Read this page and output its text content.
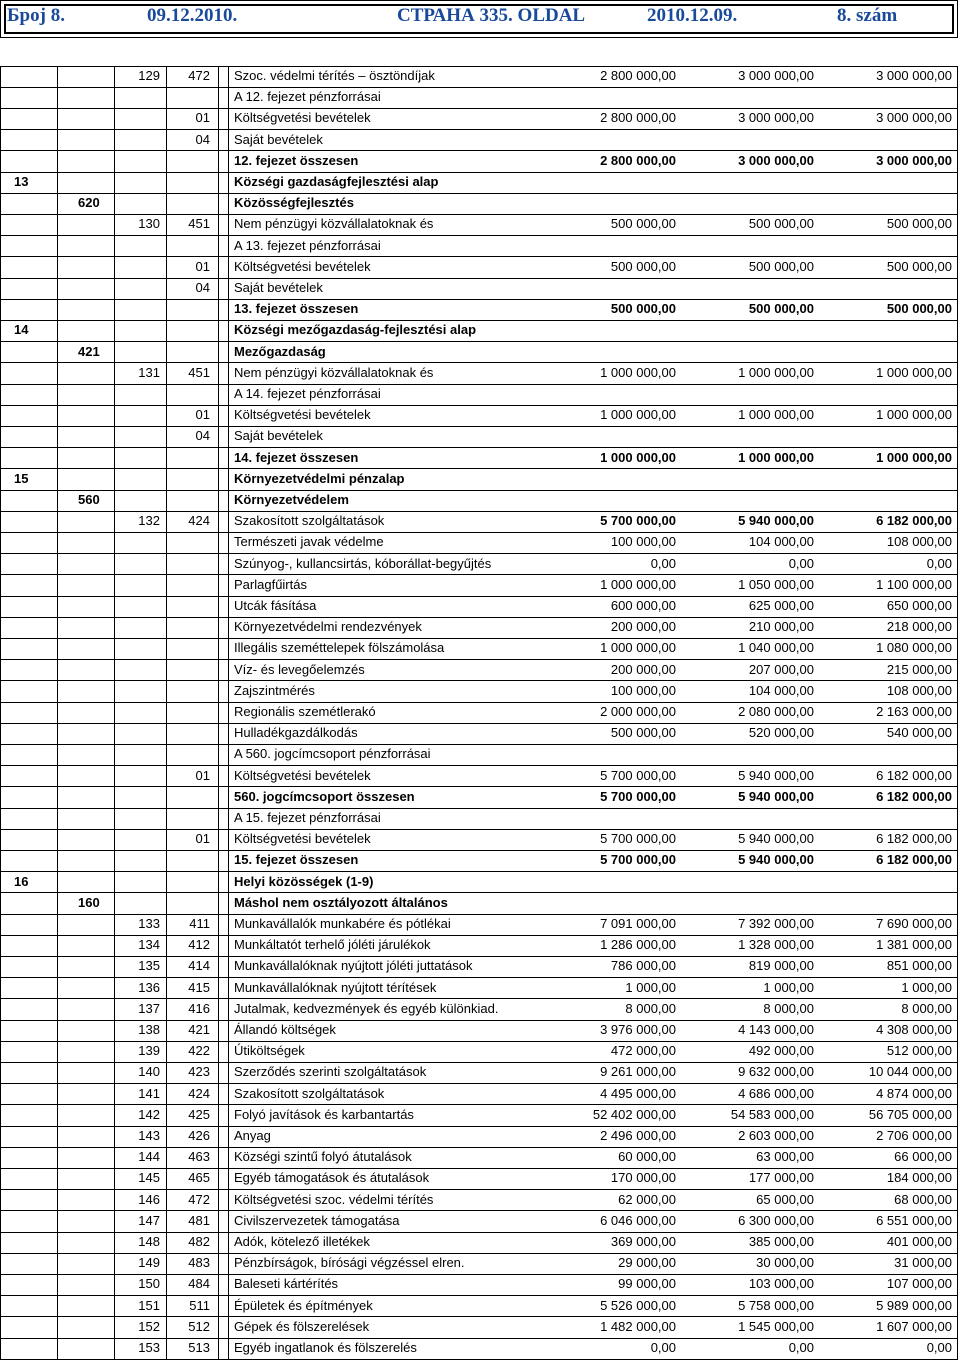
Број 8.	09.12.2010.	СТРАНА 335. OLDAL	2010.12.09.	8. szám
129	472 Szoc. védelmi térítés – ösztöndíjak	2 800 000,00	3 000 000,00	3 000 000,00
A 12. fejezet pénzforrásai
01 Költségvetési bevételek	2 800 000,00	3 000 000,00	3 000 000,00
04 Saját bevételek
12. fejezet összesen	2 800 000,00	3 000 000,00	3 000 000,00
13	Községi gazdaságfejlesztési alap
620	Közösségfejlesztés
130	451 Nem pénzügyi közvállalatoknak és	500 000,00	500 000,00	500 000,00
A 13. fejezet pénzforrásai
01 Költségvetési bevételek	500 000,00	500 000,00	500 000,00
04 Saját bevételek
13. fejezet összesen	500 000,00	500 000,00	500 000,00
14	Községi mezőgazdaság-fejlesztési alap
421	Mezőgazdaság
131	451 Nem pénzügyi közvállalatoknak és	1 000 000,00	1 000 000,00	1 000 000,00
A 14. fejezet pénzforrásai
01 Költségvetési bevételek	1 000 000,00	1 000 000,00	1 000 000,00
04 Saját bevételek
14. fejezet összesen	1 000 000,00	1 000 000,00	1 000 000,00
15	Környezetvédelmi pénzalap
560	Környezetvédelem
132	424 Szakosított szolgáltatások	5 700 000,00	5 940 000,00	6 182 000,00
Természeti javak védelme	100 000,00	104 000,00	108 000,00
Szúnyog-, kullancsirtás, kóborállat-begyűjtés	0,00	0,00	0,00
Parlagfűirtás	1 000 000,00	1 050 000,00	1 100 000,00
Utcák fásítása	600 000,00	625 000,00	650 000,00
Környezetvédelmi rendezvények	200 000,00	210 000,00	218 000,00
Illegális szeméttelepek fölszámolása	1 000 000,00	1 040 000,00	1 080 000,00
Víz- és levegőelemzés	200 000,00	207 000,00	215 000,00
Zajszintmérés	100 000,00	104 000,00	108 000,00
Regionális szemétlerakó	2 000 000,00	2 080 000,00	2 163 000,00
Hulladékgazdálkodás	500 000,00	520 000,00	540 000,00
A 560. jogcímcsoport pénzforrásai
01 Költségvetési bevételek	5 700 000,00	5 940 000,00	6 182 000,00
560. jogcímcsoport összesen	5 700 000,00	5 940 000,00	6 182 000,00
A 15. fejezet pénzforrásai
01 Költségvetési bevételek	5 700 000,00	5 940 000,00	6 182 000,00
15. fejezet összesen	5 700 000,00	5 940 000,00	6 182 000,00
16	Helyi közösségek (1-9)
160	Máshol nem osztályozott általános
133	411 Munkavállalók munkabére és pótlékai	7 091 000,00	7 392 000,00	7 690 000,00
134	412 Munkáltatót terhelő jóléti járulékok	1 286 000,00	1 328 000,00	1 381 000,00
135	414 Munkavállalóknak nyújtott jóléti juttatások	786 000,00	819 000,00	851 000,00
136	415 Munkavállalóknak nyújtott térítések	1 000,00	1 000,00	1 000,00
137	416 Jutalmak, kedvezmények és egyéb különkiad.	8 000,00	8 000,00	8 000,00
138	421 Állandó költségek	3 976 000,00	4 143 000,00	4 308 000,00
139	422 Útiköltségek	472 000,00	492 000,00	512 000,00
140	423 Szerződés szerinti szolgáltatások	9 261 000,00	9 632 000,00	10 044 000,00
141	424 Szakosított szolgáltatások	4 495 000,00	4 686 000,00	4 874 000,00
142	425 Folyó javítások és karbantartás	52 402 000,00	54 583 000,00	56 705 000,00
143	426 Anyag	2 496 000,00	2 603 000,00	2 706 000,00
144	463 Községi szintű folyó átutalások	60 000,00	63 000,00	66 000,00
145	465 Egyéb támogatások és átutalások	170 000,00	177 000,00	184 000,00
146	472 Költségvetési szoc. védelmi térítés	62 000,00	65 000,00	68 000,00
147	481 Civilszervezetek támogatása	6 046 000,00	6 300 000,00	6 551 000,00
148	482 Adók, kötelező illetékek	369 000,00	385 000,00	401 000,00
149	483 Pénzbírságok, bírósági végzéssel elren.	29 000,00	30 000,00	31 000,00
150	484 Baleseti kártérítés	99 000,00	103 000,00	107 000,00
151	511 Épületek és építmények	5 526 000,00	5 758 000,00	5 989 000,00
152	512 Gépek és fölszerelések	1 482 000,00	1 545 000,00	1 607 000,00
153	513 Egyéb ingatlanok és fölszerelés	0,00	0,00	0,00
